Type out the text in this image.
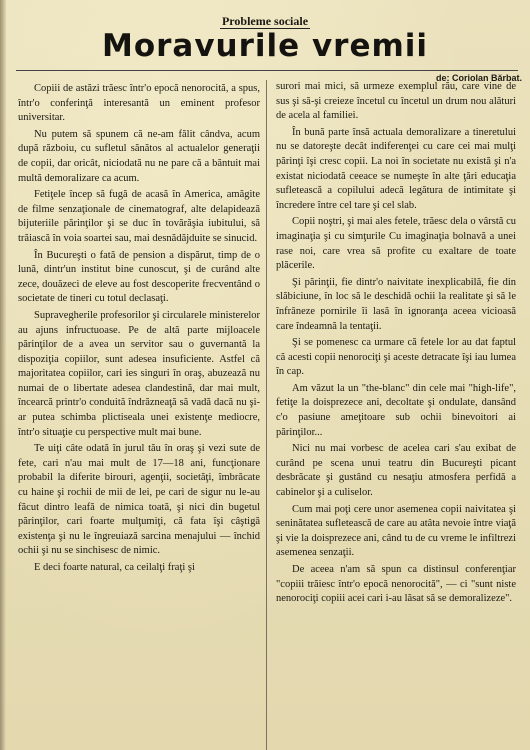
Probleme sociale
Moravurile vremii
de: Coriolan Bărbat.

Copiii de astăzi trăesc într'o epocă nenorocită, a spus, într'o conferinţă interesantă un eminent profesor universitar.

Nu putem să spunem că ne-am fălit cândva, acum după războiu, cu sufletul sănătos al actualelor generaţii de copii, dar oricât, niciodată nu ne pare că a băntuit mai multă demoralizare ca acum.

Fetiţele încep să fugă de acasă în America, amăgite de filme senzaţionale de cinematograf, alte delapidează bijuteriile părinţilor şi se duc în tovărăşia iubitului, să trăiască în voia soartei sau, mai desnădăjduite se sinucid.

În Bucureşti o fată de pension a dispărut, timp de o lună, dintr'un institut bine cunoscut, şi de curând alte zece, douăzeci de eleve au fost descoperite frecventând o societate de tineri cu totul declasaţi.

Supravegherile profesorilor şi circularele ministerelor au ajuns infructuoase. Pe de altă parte mijloacele părinţilor de a avea un servitor sau o guvernantă la dispoziţia copiilor, sunt adesea insuficiente. Astfel că majoritatea copiilor, cari ies singuri în oraş, abuzează nu numai de o libertate adesea clandestină, dar mai mult, încearcă printr'o conduită îndrăzneaţă să vadă dacă nu şi-ar putea schimba plictiseala unei existenţe mediocre, într'o situaţie cu perspective mult mai bune.

Te uiţi câte odată în jurul tău în oraş şi vezi sute de fete, cari n'au mai mult de 17—18 ani, funcţionare probabil la diferite birouri, agenţii, societăţi, îmbrăcate cu haine şi rochii de mii de lei, pe cari de sigur nu le-au făcut dintro leafă de nimica toată, şi nici din bugetul părinţilor, cari foarte mulţumiţi, că fata îşi câştigă existenţa şi nu le îngreuiază sarcina menajului — închid ochii şi nu se sinchisesc de nimic.

E deci foarte natural, ca ceilalţi fraţi şi

surori mai mici, să urmeze exemplul rău, care vine de sus şi să-şi creieze încetul cu încetul un drum nou alături de acela al familiei.

În bună parte însă actuala demoralizare a tineretului nu se datoreşte decât indiferenţei cu care cei mai mulţi părinţi îşi cresc copii. La noi în societate nu există şi n'a existat niciodată ceeace se numeşte în alte ţări educaţia sufletească a copilului adecă legătura de intimitate şi încredere între cel tare şi cel slab.

Copii noştri, şi mai ales fetele, trăesc dela o vârstă cu imaginaţia şi cu simţurile Cu imaginaţia bolnavă a unei rase noi, care vrea să profite cu exaltare de toate plăcerile.

Şi părinţii, fie dintr'o naivitate inexplicabilă, fie din slăbiciune, în loc să le deschidă ochii la realitate şi să le înfrâneze pornirile îi lasă în ignoranţa aceea vicioasă care îndeamnă la tentaţii.

Şi se pomenesc ca urmare că fetele lor au dat faptul că acesti copii nenorociţi şi aceste detracate îşi iau lumea în cap.

Am văzut la un "the-blanc" din cele mai "high-life", fetiţe la doisprezece ani, decoltate şi ondulate, dansând c'o pasiune ameţitoare sub ochii binevoitori ai părinţilor...

Nici nu mai vorbesc de acelea cari s'au exibat de curând pe scena unui teatru din Bucureşti picant desbrăcate şi gustând cu nesaţiu atmosfera perfidă a cabinelor şi a culiselor.

Cum mai poţi cere unor asemenea copii naivitatea şi seninătatea sufletească de care au atâta nevoie între viaţă şi vie la doisprezece ani, când tu de cu vreme le infiltrezi asemenea senzaţii.

De aceea n'am să spun ca distinsul conferenţiar "copiii trăiesc într'o epocă nenorocită", — ci "sunt niste nenorociţi copiii acei cari i-au lăsat să se demoralizeze".
